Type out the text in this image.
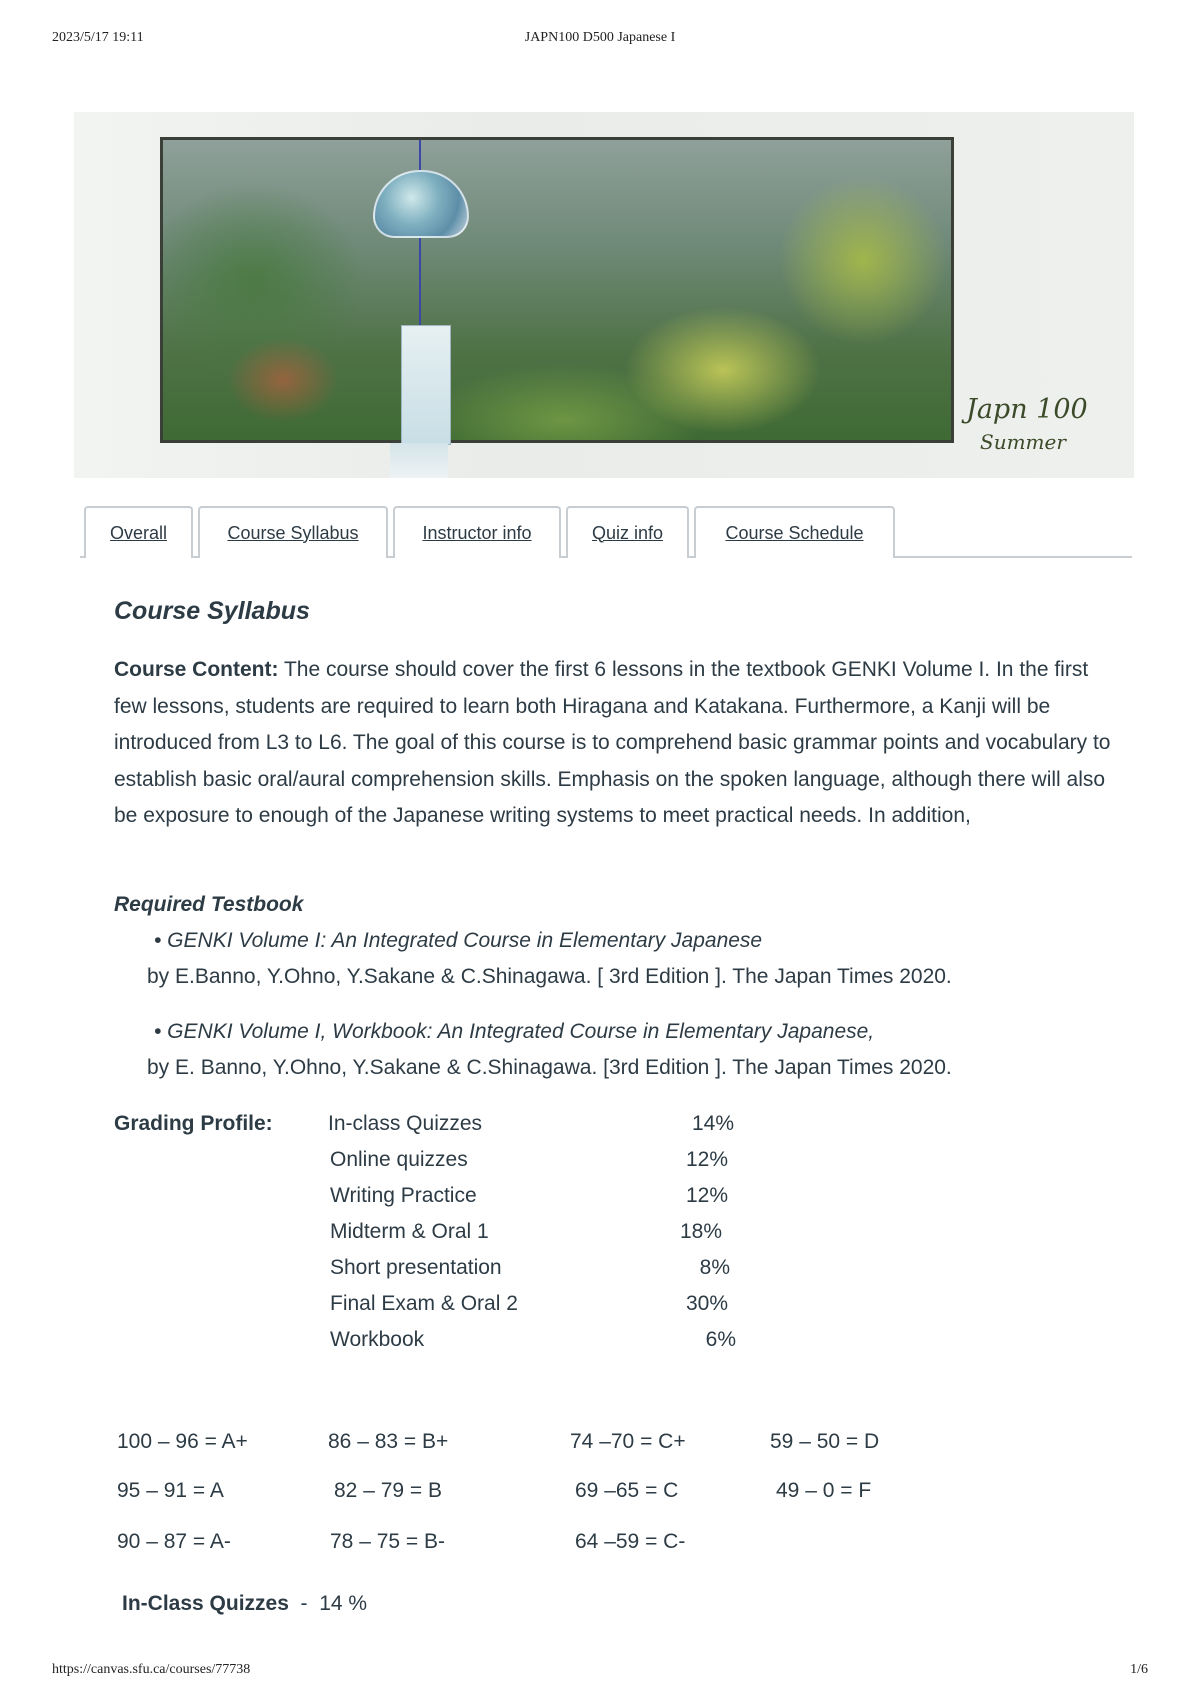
2023/5/17 19:11	JAPN100 D500 Japanese I
Japn 100
Summer
Overall	Course Syllabus	Instructor info	Quiz info	Course Schedule
Course Syllabus
Course Content: The course should cover the first 6 lessons in the textbook GENKI Volume I. In the first few lessons, students are required to learn both Hiragana and Katakana. Furthermore, a Kanji will be introduced from L3 to L6. The goal of this course is to comprehend basic grammar points and vocabulary to establish basic oral/aural comprehension skills. Emphasis on the spoken language, although there will also be exposure to enough of the Japanese writing systems to meet practical needs. In addition,
Required Testbook
• GENKI Volume I: An Integrated Course in Elementary Japanese
by E.Banno, Y.Ohno, Y.Sakane & C.Shinagawa. [ 3rd Edition ]. The Japan Times 2020.
• GENKI Volume I, Workbook: An Integrated Course in Elementary Japanese,
by E. Banno, Y.Ohno, Y.Sakane & C.Shinagawa. [3rd Edition ]. The Japan Times 2020.
Grading Profile:	In-class Quizzes	14%
Online quizzes	12%
Writing Practice	12%
Midterm & Oral 1	18%
Short presentation	8%
Final Exam & Oral 2	30%
Workbook	6%
100 – 96 = A+	86 – 83 = B+	74 –70 = C+	59 – 50 = D
95 – 91 = A	82 – 79 = B	69 –65 = C	49 – 0 = F
90 – 87 = A-	78 – 75 = B-	64 –59 = C-
In-Class Quizzes  -  14 %
https://canvas.sfu.ca/courses/77738	1/6
